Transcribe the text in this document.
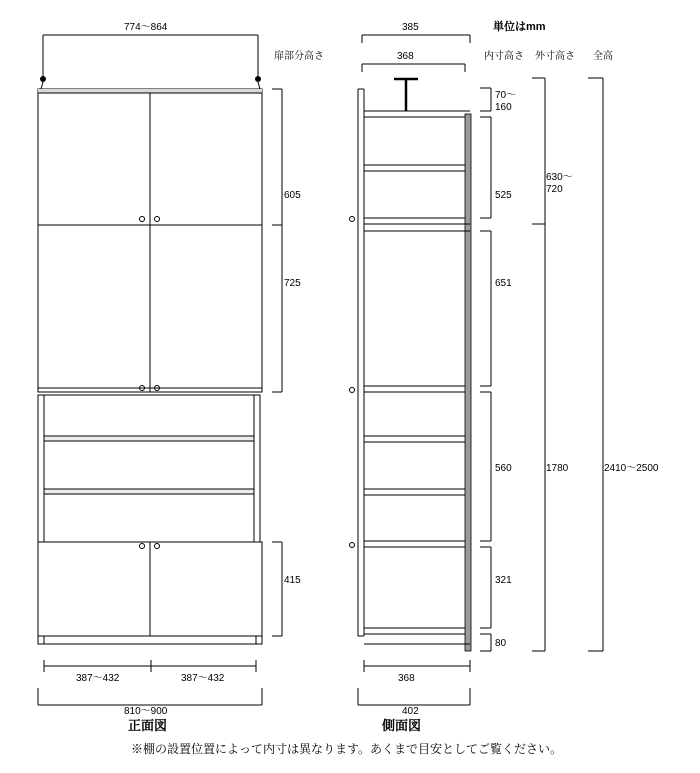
単位はmm
扉部分高さ	内寸高さ 外寸高さ 全高
774～864
605
725
415
387～432	387～432
810～900
正面図
385
368
70～
160
525
651
560
321
80
630～
720
1780	2410～2500
368
402
側面図
※棚の設置位置によって内寸は異なります。あくまで目安としてご覧ください。
